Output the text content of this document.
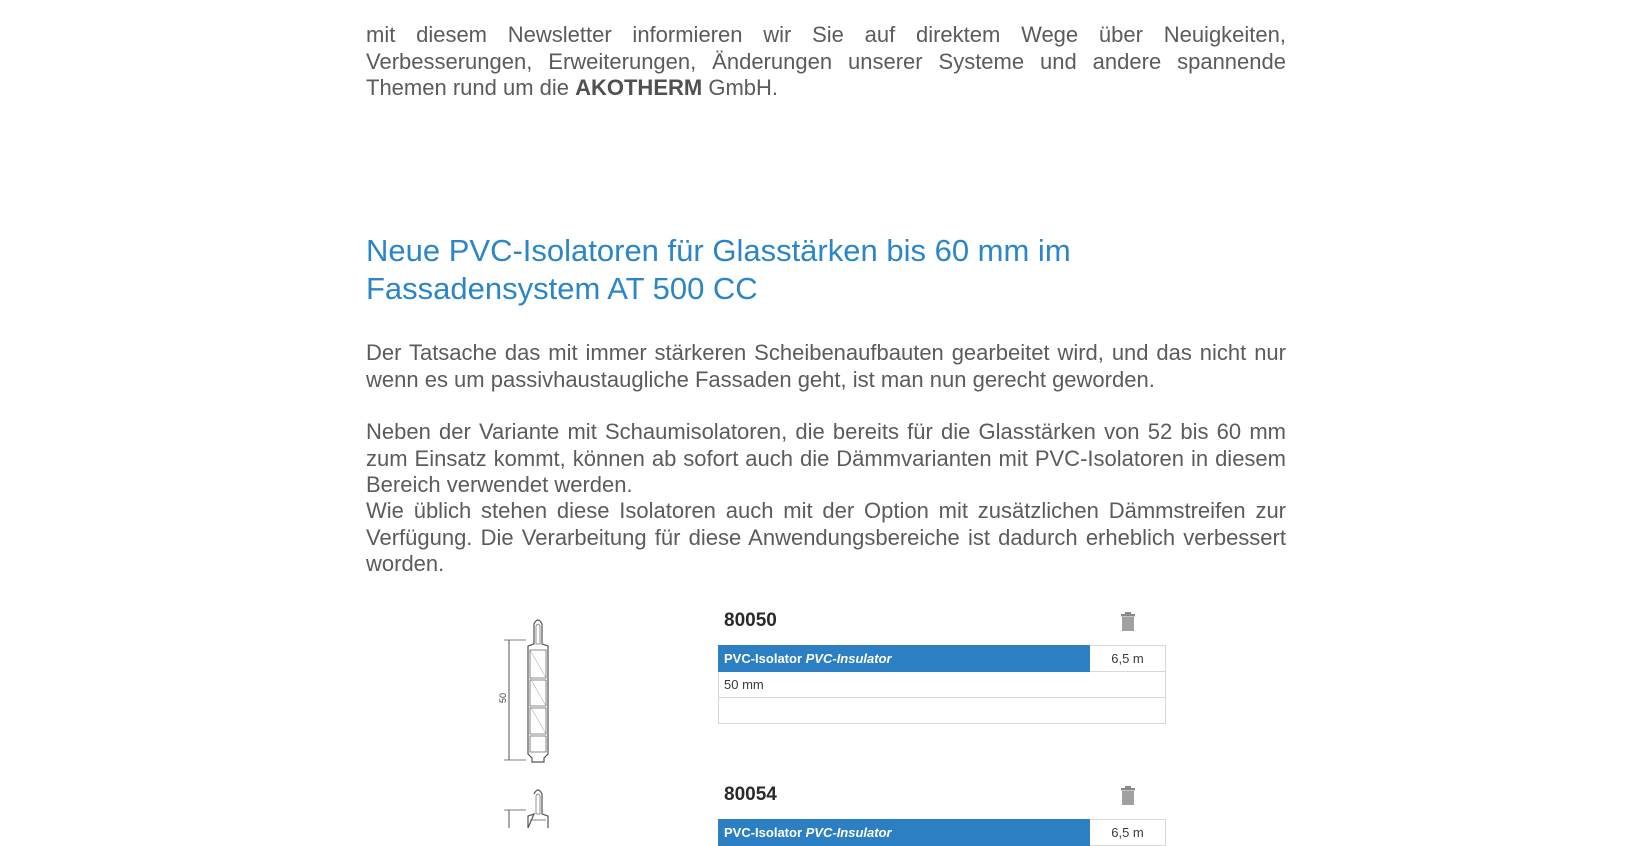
mit diesem Newsletter informieren wir Sie auf direktem Wege über Neuigkeiten, Verbesserungen, Erweiterungen, Änderungen unserer Systeme und andere spannende Themen rund um die AKOTHERM GmbH.

Neue PVC-Isolatoren für Glasstärken bis 60 mm im Fassadensystem AT 500 CC

Der Tatsache das mit immer stärkeren Scheibenaufbauten gearbeitet wird, und das nicht nur wenn es um passivhaustaugliche Fassaden geht, ist man nun gerecht geworden.

Neben der Variante mit Schaumisolatoren, die bereits für die Glasstärken von 52 bis 60 mm zum Einsatz kommt, können ab sofort auch die Dämmvarianten mit PVC-Isolatoren in diesem Bereich verwendet werden.

Wie üblich stehen diese Isolatoren auch mit der Option mit zusätzlichen Dämmstreifen zur Verfügung. Die Verarbeitung für diese Anwendungsbereiche ist dadurch erheblich verbessert worden.

50
80050
PVC-Isolator PVC-Insulator	6,5 m
50 mm

80054
PVC-Isolator PVC-Insulator	6,5 m
